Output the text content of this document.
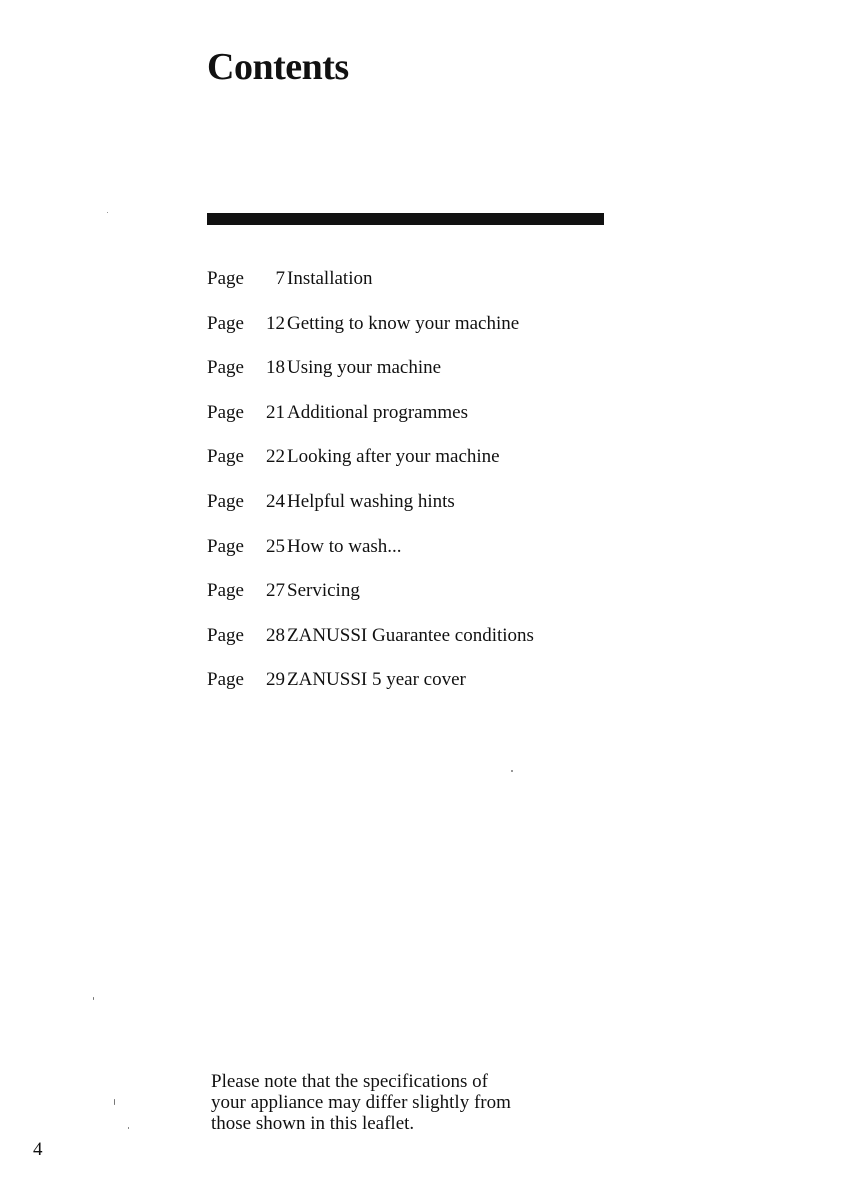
Contents
Page 7 Installation
Page 12 Getting to know your machine
Page 18 Using your machine
Page 21 Additional programmes
Page 22 Looking after your machine
Page 24 Helpful washing hints
Page 25 How to wash...
Page 27 Servicing
Page 28 ZANUSSI Guarantee conditions
Page 29 ZANUSSI 5 year cover
Please note that the specifications of
your appliance may differ slightly from
those shown in this leaflet.
4
